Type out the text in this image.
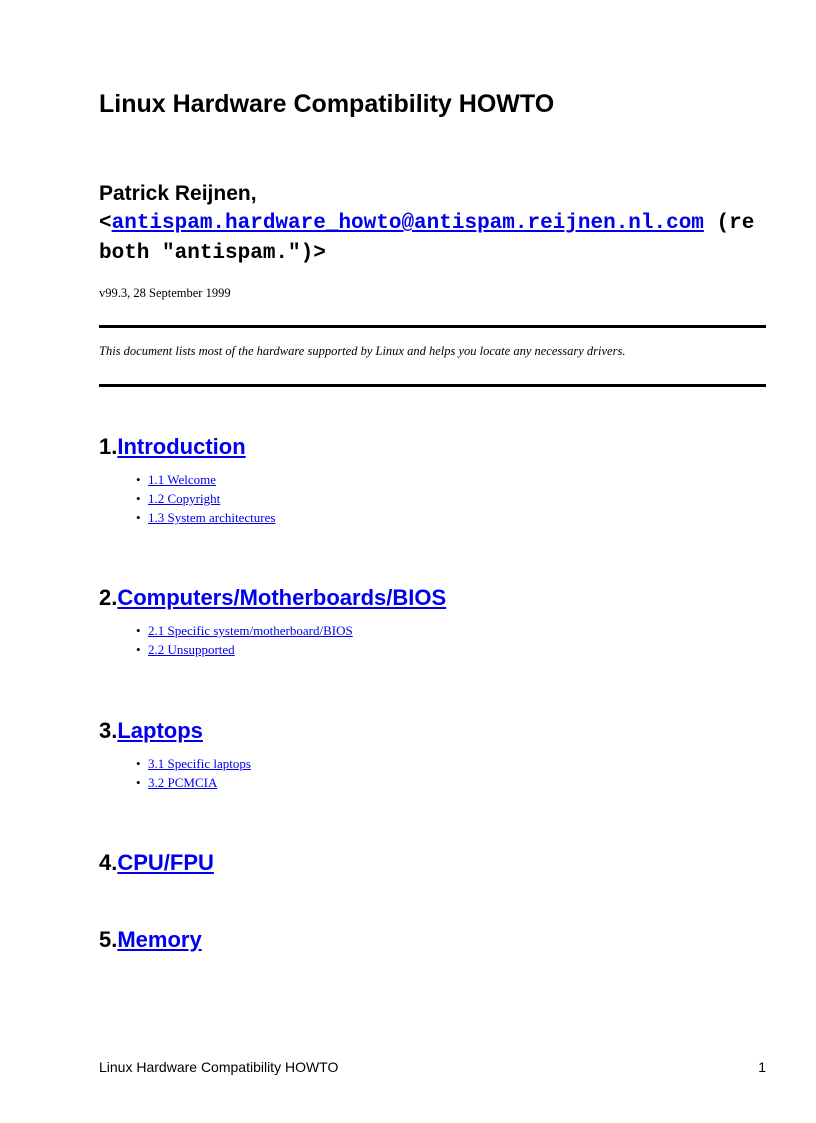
Linux Hardware Compatibility HOWTO
Patrick Reijnen,
<antispam.hardware_howto@antispam.reijnen.nl.com (re
both "antispam.")>
v99.3, 28 September 1999
This document lists most of the hardware supported by Linux and helps you locate any necessary drivers.
1.Introduction
• 1.1 Welcome
• 1.2 Copyright
• 1.3 System architectures
2.Computers/Motherboards/BIOS
• 2.1 Specific system/motherboard/BIOS
• 2.2 Unsupported
3.Laptops
• 3.1 Specific laptops
• 3.2 PCMCIA
4.CPU/FPU
5.Memory
Linux Hardware Compatibility HOWTO	1
